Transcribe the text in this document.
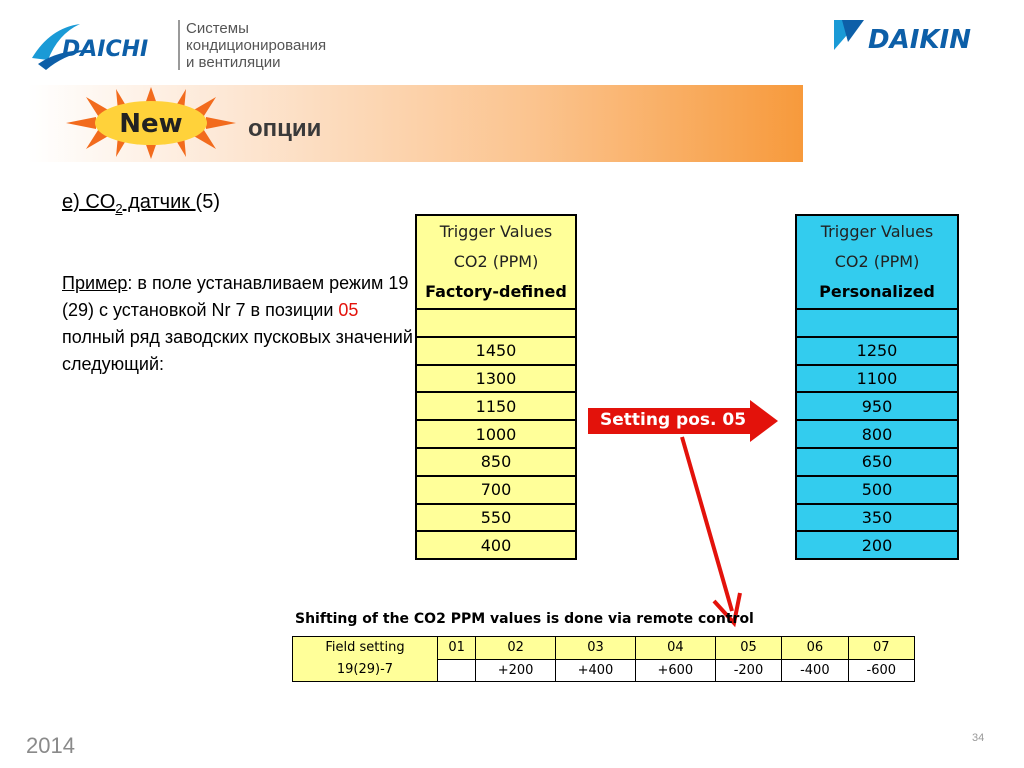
DAICHI
Системы
кондиционирования
и вентиляции
DAIKIN
New	опции
e) $CO_2$ датчик (5)
Пример: в поле устанавливаем режим 19 (29) с установкой Nr 7 в позиции 05 полный ряд заводских пусковых значений следующий:
Trigger Values
CO2 (PPM)
Factory-defined

1450
1300
1150
1000
850
700
550
400
Trigger Values
CO2 (PPM)
Personalized

1250
1100
950
800
650
500
350
200
Setting pos. 05
Shifting of the CO2 PPM values is done via remote control
Field setting
19(29)-7	01	02	03	04	05	06	07
		+200	+400	+600	-200	-400	-600
2014	34
